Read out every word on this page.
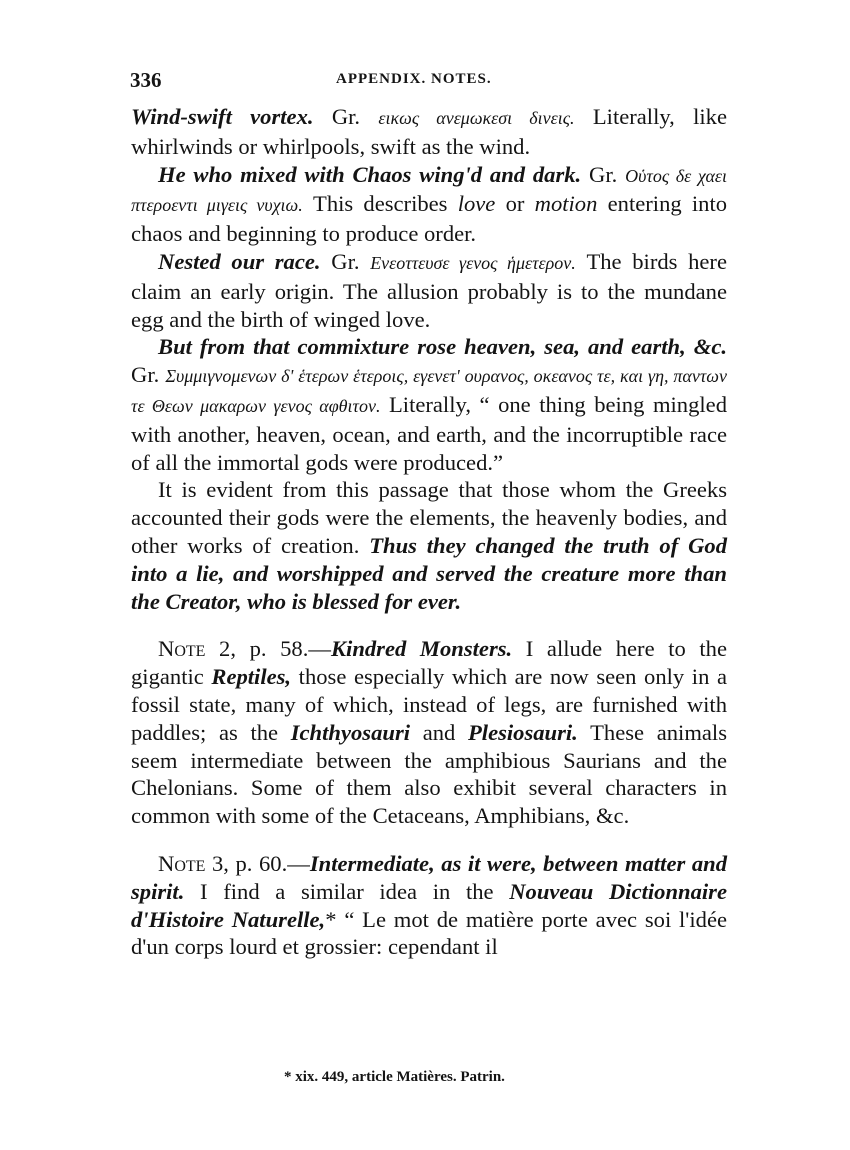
336	APPENDIX. NOTES.

Wind-swift vortex. Gr. εικως ανεμωκεσι δινεις. Literally, like whirlwinds or whirlpools, swift as the wind.

He who mixed with Chaos wing'd and dark. Gr. Oὑτος δε χαει πτεροεντι μιγεις νυχιω. This describes love or motion entering into chaos and beginning to produce order.

Nested our race. Gr. Eνεοττευσε γενος ἡμετερον. The birds here claim an early origin. The allusion probably is to the mundane egg and the birth of winged love.

But from that commixture rose heaven, sea, and earth, &c. Gr. Συμμιγνομενων δ' ἑτερων ἑτεροις, εγενετ' ουρανος, οκεανος τε, και γη, παντων τε Θεων μακαρων γενος αφθιτον. Literally, “ one thing being mingled with another, heaven, ocean, and earth, and the incorruptible race of all the immortal gods were produced.”

It is evident from this passage that those whom the Greeks accounted their gods were the elements, the heavenly bodies, and other works of creation. Thus they changed the truth of God into a lie, and worshipped and served the creature more than the Creator, who is blessed for ever.

Note 2, p. 58.—Kindred Monsters. I allude here to the gigantic Reptiles, those especially which are now seen only in a fossil state, many of which, instead of legs, are furnished with paddles; as the Ichthyosauri and Plesiosauri. These animals seem intermediate between the amphibious Saurians and the Chelonians. Some of them also exhibit several characters in common with some of the Cetaceans, Amphibians, &c.

Note 3, p. 60.—Intermediate, as it were, between matter and spirit. I find a similar idea in the Nouveau Dictionnaire d'Histoire Naturelle,* “ Le mot de matière porte avec soi l'idée d'un corps lourd et grossier: cependant il

* xix. 449, article Matières. Patrin.
